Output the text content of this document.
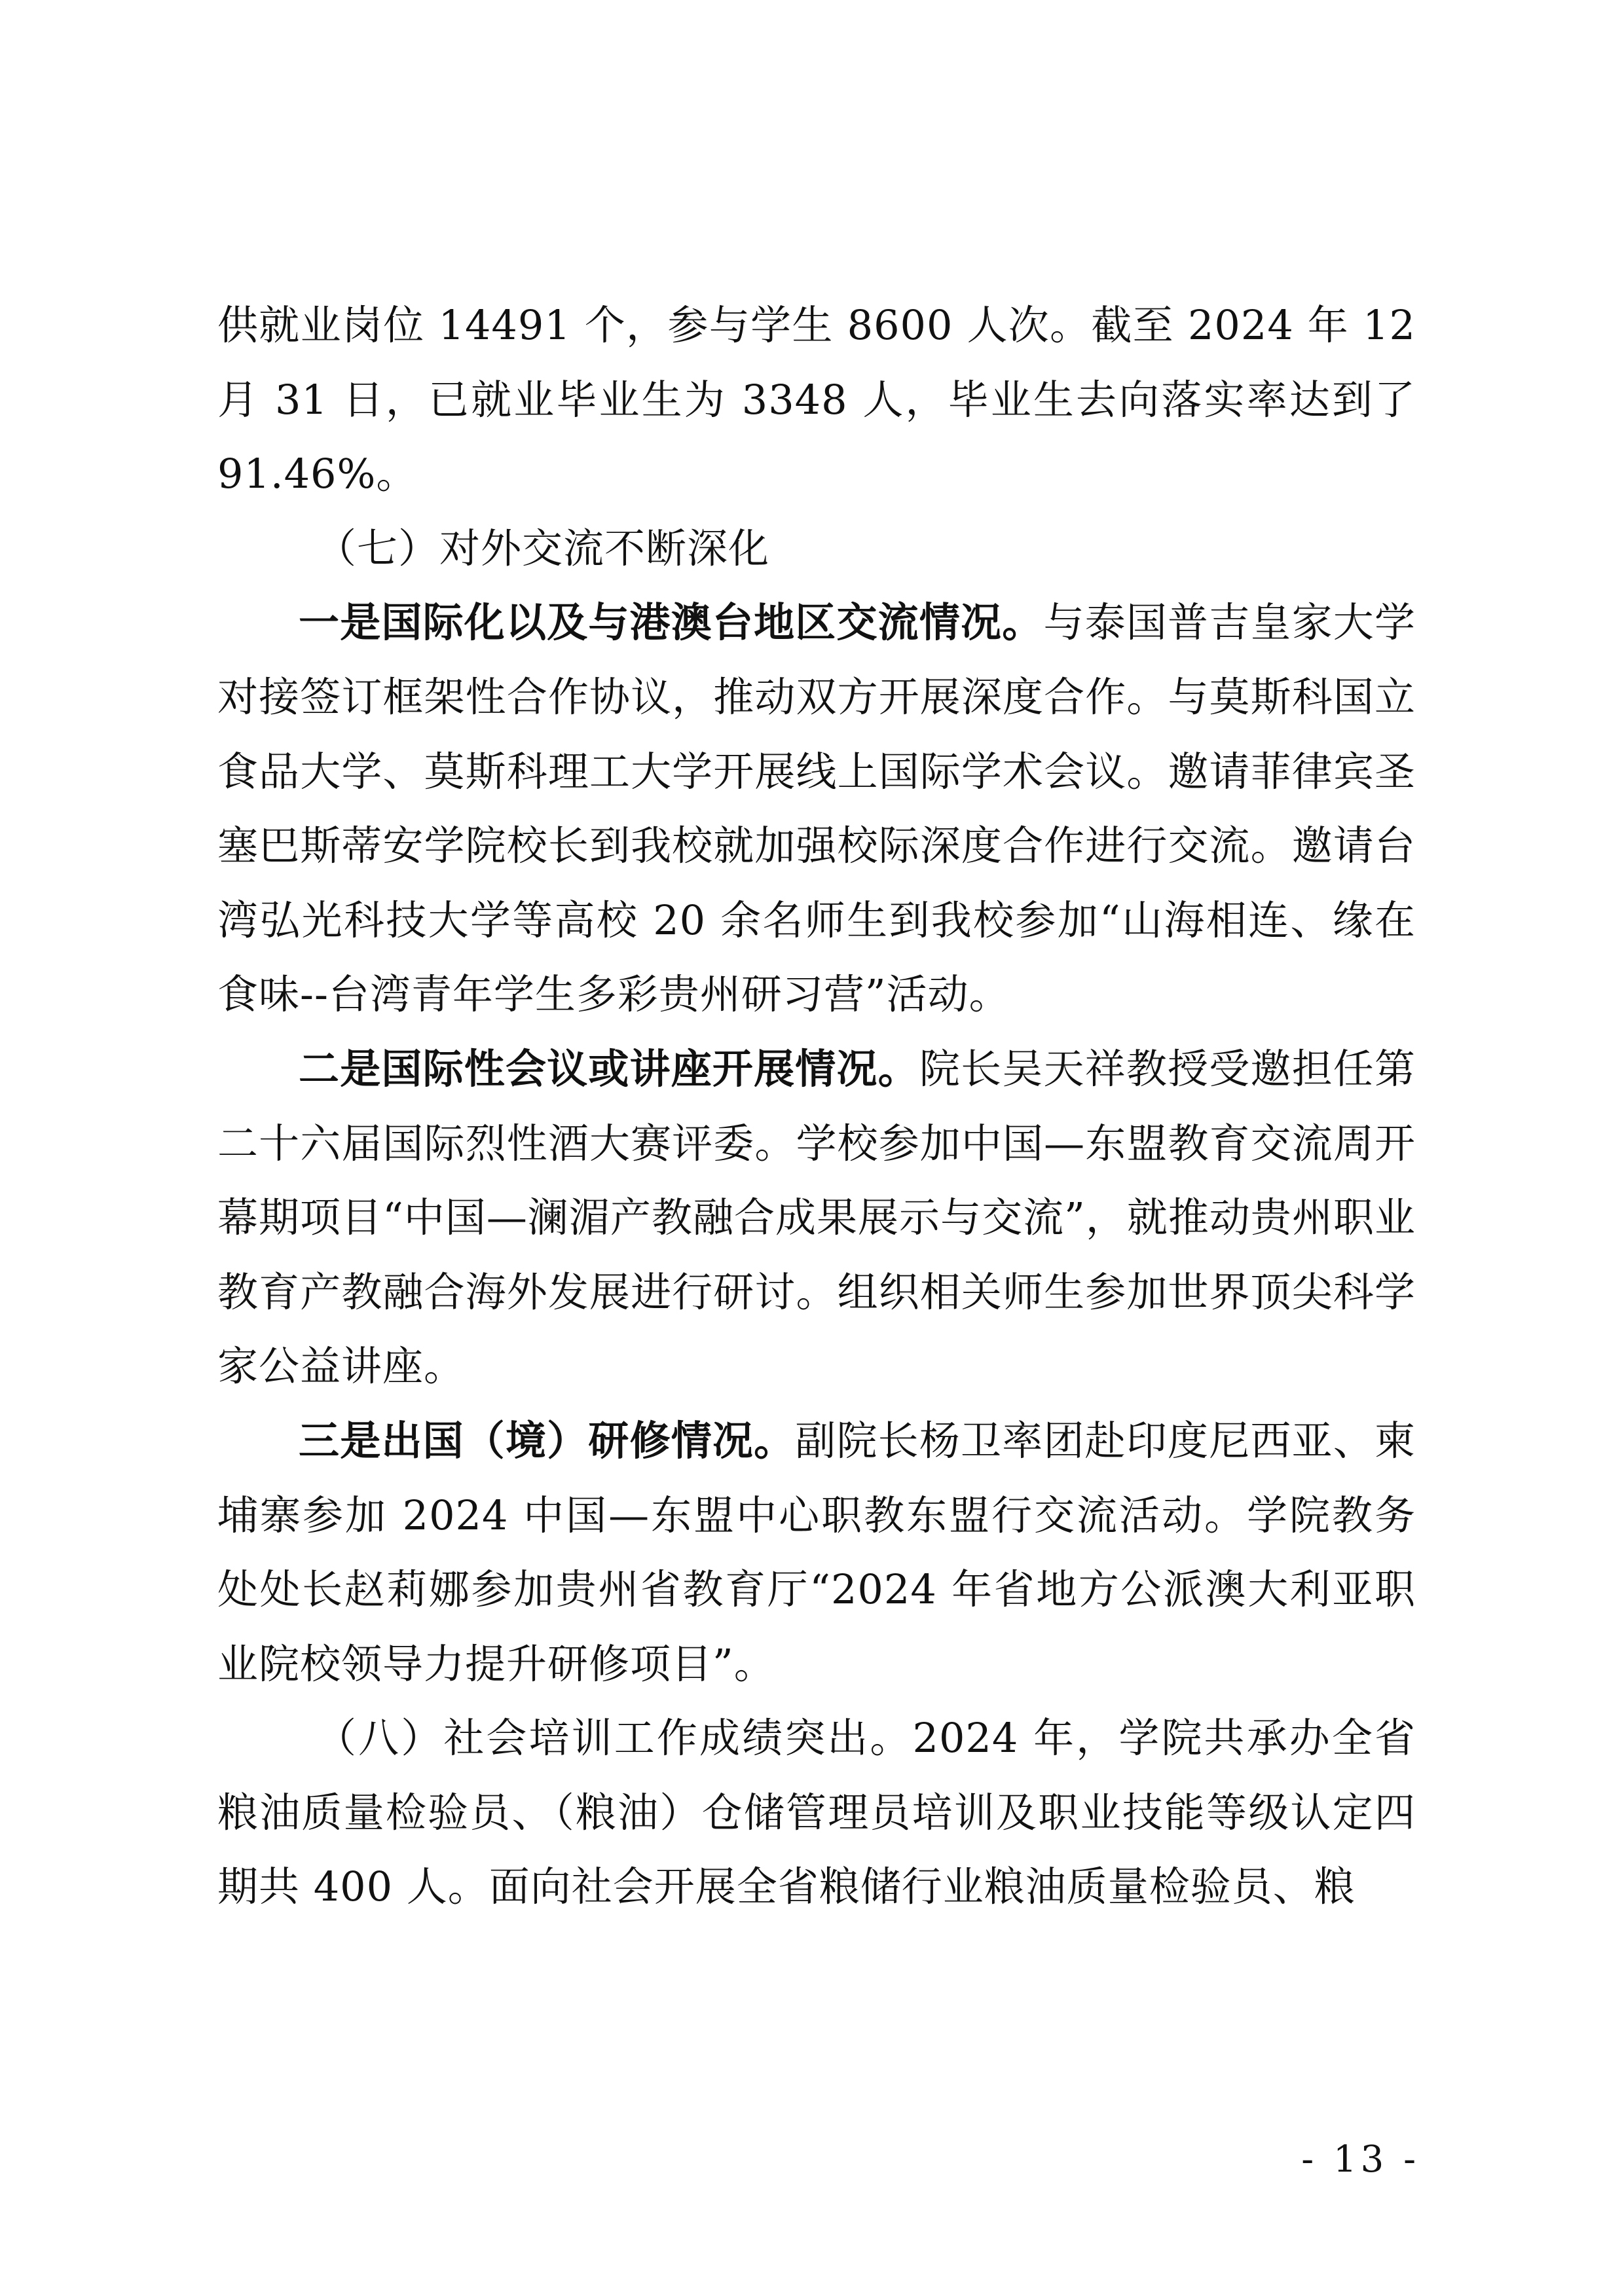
供就业岗位 14491 个，参与学生 8600 人次。截至 2024 年 12 月 31 日，已就业毕业生为 3348 人，毕业生去向落实率达到了 91.46%。

（七）对外交流不断深化

一是国际化以及与港澳台地区交流情况。与泰国普吉皇家大学对接签订框架性合作协议，推动双方开展深度合作。与莫斯科国立食品大学、莫斯科理工大学开展线上国际学术会议。邀请菲律宾圣塞巴斯蒂安学院校长到我校就加强校际深度合作进行交流。邀请台湾弘光科技大学等高校 20 余名师生到我校参加“山海相连、缘在食味--台湾青年学生多彩贵州研习营”活动。

二是国际性会议或讲座开展情况。院长吴天祥教授受邀担任第二十六届国际烈性酒大赛评委。学校参加中国—东盟教育交流周开幕期项目“中国—澜湄产教融合成果展示与交流”，就推动贵州职业教育产教融合海外发展进行研讨。组织相关师生参加世界顶尖科学家公益讲座。

三是出国（境）研修情况。副院长杨卫率团赴印度尼西亚、柬埔寨参加 2024 中国—东盟中心职教东盟行交流活动。学院教务处处长赵莉娜参加贵州省教育厅“2024 年省地方公派澳大利亚职业院校领导力提升研修项目”。

（八）社会培训工作成绩突出。2024 年，学院共承办全省粮油质量检验员、（粮油）仓储管理员培训及职业技能等级认定四期共 400 人。面向社会开展全省粮储行业粮油质量检验员、粮

- 13 -
